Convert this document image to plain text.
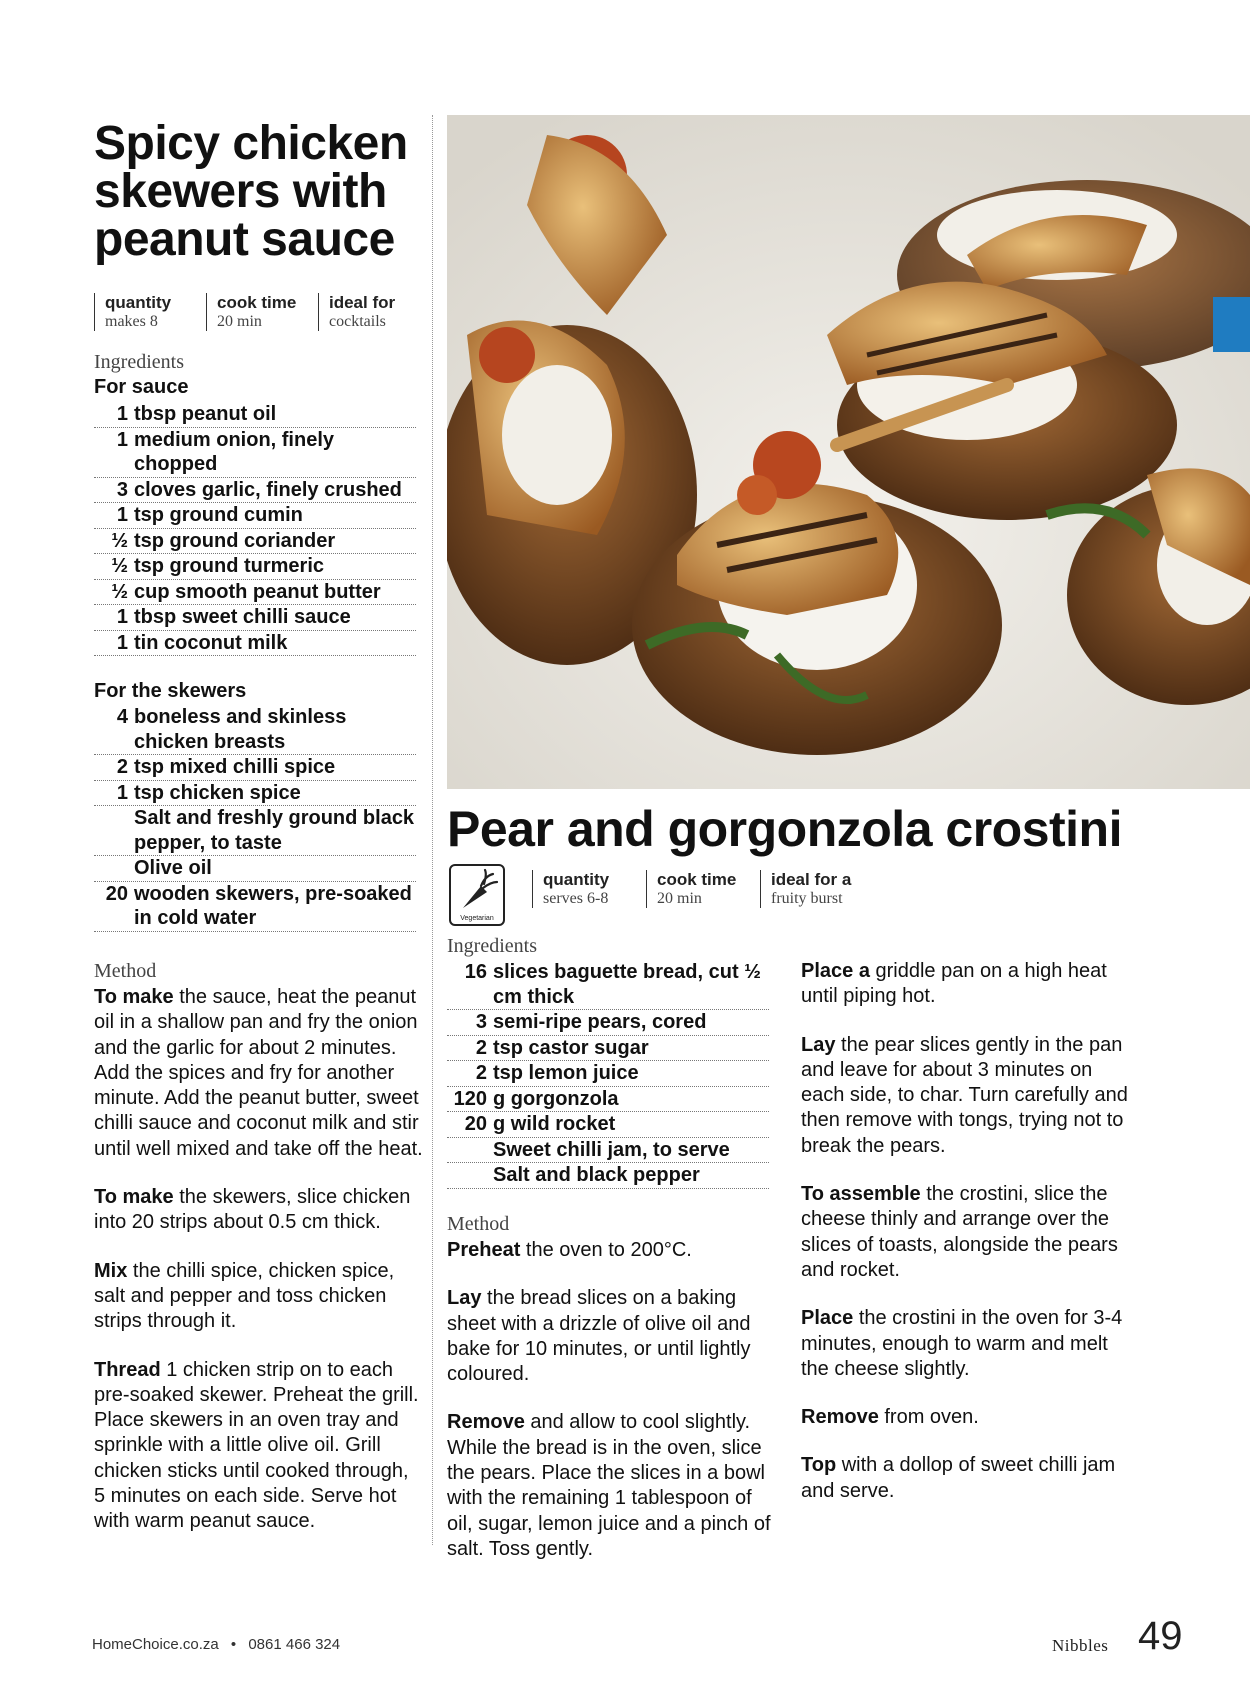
Spicy chicken skewers with peanut sauce
quantity
makes 8
cook time
20 min
ideal for
cocktails
Ingredients
For sauce
1 tbsp peanut oil
1 medium onion, finely chopped
3 cloves garlic, finely crushed
1 tsp ground cumin
½ tsp ground coriander
½ tsp ground turmeric
½ cup smooth peanut butter
1 tbsp sweet chilli sauce
1 tin coconut milk
For the skewers
4 boneless and skinless chicken breasts
2 tsp mixed chilli spice
1 tsp chicken spice
Salt and freshly ground black pepper, to taste
Olive oil
20 wooden skewers, pre-soaked in cold water
Method

To make the sauce, heat the peanut oil in a shallow pan and fry the onion and the garlic for about 2 minutes. Add the spices and fry for another minute. Add the peanut butter, sweet chilli sauce and coconut milk and stir until well mixed and take off the heat.

To make the skewers, slice chicken into 20 strips about 0.5 cm thick.

Mix the chilli spice, chicken spice, salt and pepper and toss chicken strips through it.

Thread 1 chicken strip on to each pre-soaked skewer. Preheat the grill. Place skewers in an oven tray and sprinkle with a little olive oil. Grill chicken sticks until cooked through, 5 minutes on each side. Serve hot with warm peanut sauce.

Pear and gorgonzola crostini
Vegetarian
quantity
serves 6-8
cook time
20 min
ideal for a
fruity burst
Ingredients
16 slices baguette bread, cut ½ cm thick
3 semi-ripe pears, cored
2 tsp castor sugar
2 tsp lemon juice
120 g gorgonzola
20 g wild rocket
Sweet chilli jam, to serve
Salt and black pepper
Method

Preheat the oven to 200°C.

Lay the bread slices on a baking sheet with a drizzle of olive oil and bake for 10 minutes, or until lightly coloured.

Remove and allow to cool slightly. While the bread is in the oven, slice the pears. Place the slices in a bowl with the remaining 1 tablespoon of oil, sugar, lemon juice and a pinch of salt. Toss gently.

Place a griddle pan on a high heat until piping hot.

Lay the pear slices gently in the pan and leave for about 3 minutes on each side, to char. Turn carefully and then remove with tongs, trying not to break the pears.

To assemble the crostini, slice the cheese thinly and arrange over the slices of toasts, alongside the pears and rocket.

Place the crostini in the oven for 3-4 minutes, enough to warm and melt the cheese slightly.

Remove from oven.

Top with a dollop of sweet chilli jam and serve.

HomeChoice.co.za • 0861 466 324	Nibbles 49
